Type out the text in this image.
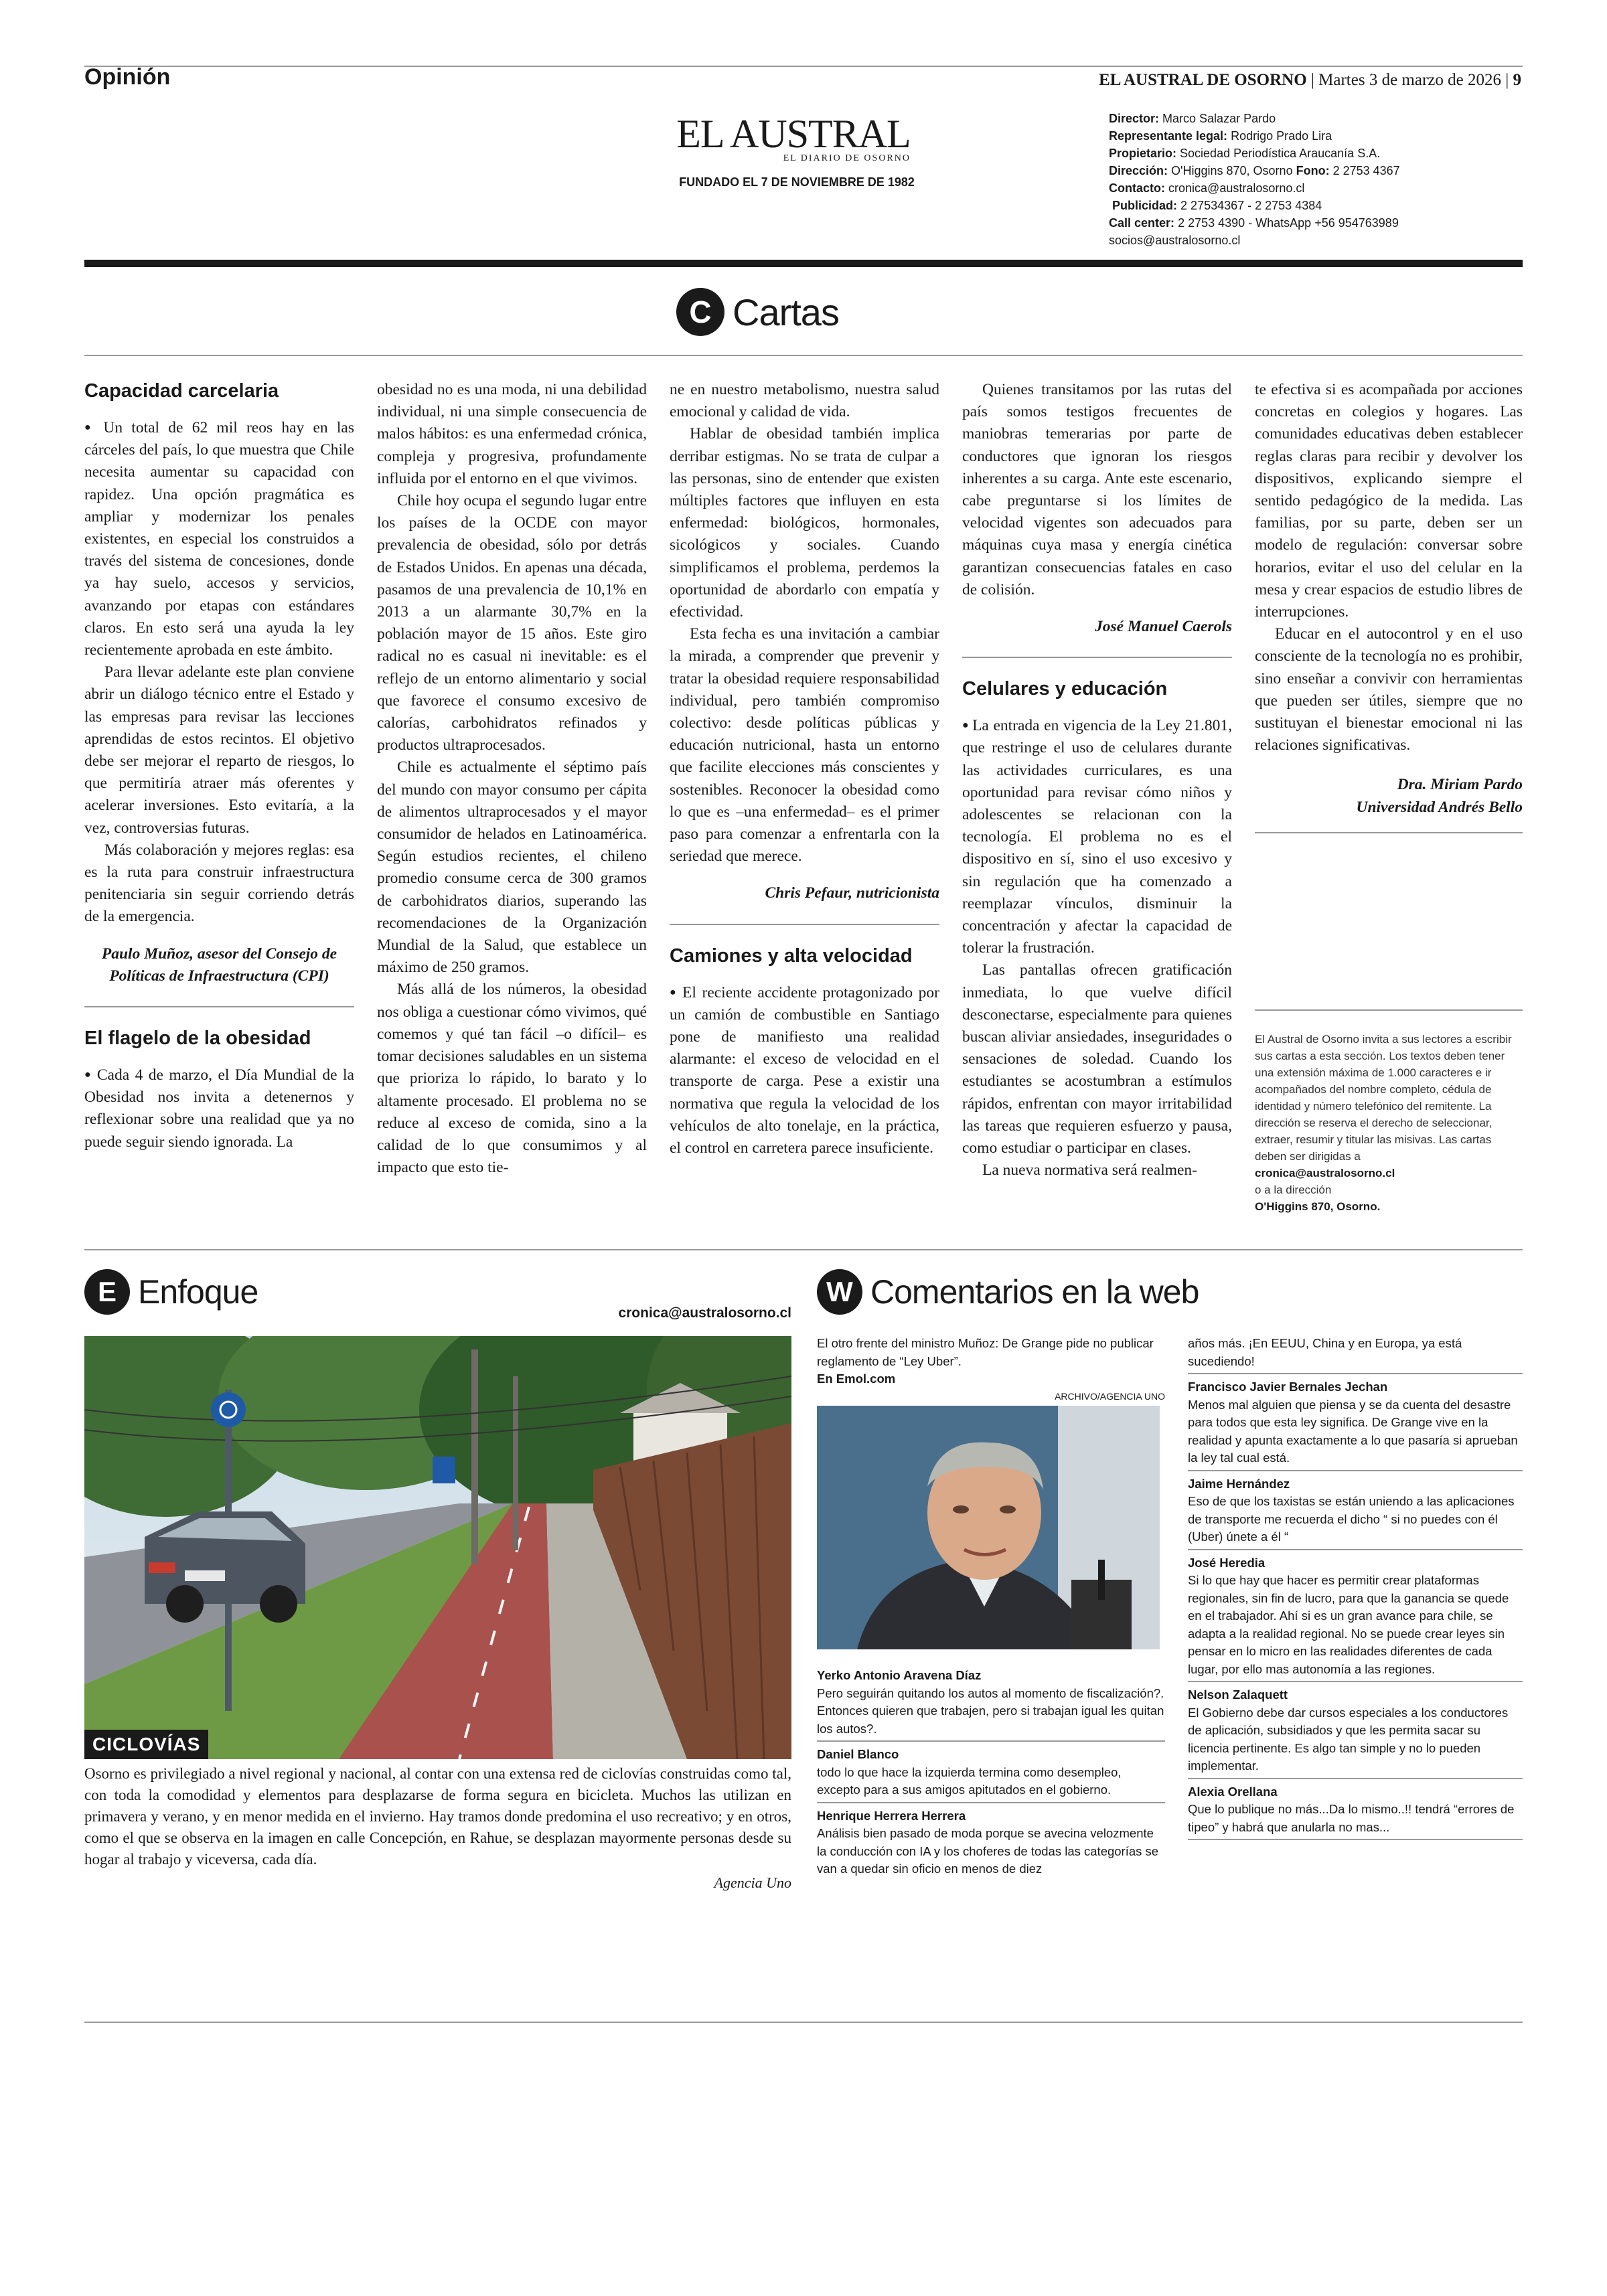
Opinión	EL AUSTRAL DE OSORNO | Martes 3 de marzo de 2026 | 9
EL AUSTRAL
EL DIARIO DE OSORNO
FUNDADO EL 7 DE NOVIEMBRE DE 1982
Director: Marco Salazar Pardo
Representante legal: Rodrigo Prado Lira
Propietario: Sociedad Periodística Araucanía S.A.
Dirección: O'Higgins 870, Osorno Fono: 2 2753 4367
Contacto: cronica@australosorno.cl
Publicidad: 2 27534367 - 2 2753 4384
Call center: 2 2753 4390 - WhatsApp +56 954763989
socios@australosorno.cl
C Cartas
Capacidad carcelaria

● Un total de 62 mil reos hay en las cárceles del país, lo que muestra que Chile necesita aumentar su capacidad con rapidez. Una opción pragmática es ampliar y modernizar los penales existentes, en especial los construidos a través del sistema de concesiones, donde ya hay suelo, accesos y servicios, avanzando por etapas con estándares claros. En esto será una ayuda la ley recientemente aprobada en este ámbito.

Para llevar adelante este plan conviene abrir un diálogo técnico entre el Estado y las empresas para revisar las lecciones aprendidas de estos recintos. El objetivo debe ser mejorar el reparto de riesgos, lo que permitiría atraer más oferentes y acelerar inversiones. Esto evitaría, a la vez, controversias futuras.

Más colaboración y mejores reglas: esa es la ruta para construir infraestructura penitenciaria sin seguir corriendo detrás de la emergencia.

Paulo Muñoz, asesor del Consejo de Políticas de Infraestructura (CPI)

El flagelo de la obesidad

● Cada 4 de marzo, el Día Mundial de la Obesidad nos invita a detenernos y reflexionar sobre una realidad que ya no puede seguir siendo ignorada. La

obesidad no es una moda, ni una debilidad individual, ni una simple consecuencia de malos hábitos: es una enfermedad crónica, compleja y progresiva, profundamente influida por el entorno en el que vivimos.

Chile hoy ocupa el segundo lugar entre los países de la OCDE con mayor prevalencia de obesidad, sólo por detrás de Estados Unidos. En apenas una década, pasamos de una prevalencia de 10,1% en 2013 a un alarmante 30,7% en la población mayor de 15 años. Este giro radical no es casual ni inevitable: es el reflejo de un entorno alimentario y social que favorece el consumo excesivo de calorías, carbohidratos refinados y productos ultraprocesados.

Chile es actualmente el séptimo país del mundo con mayor consumo per cápita de alimentos ultraprocesados y el mayor consumidor de helados en Latinoamérica. Según estudios recientes, el chileno promedio consume cerca de 300 gramos de carbohidratos diarios, superando las recomendaciones de la Organización Mundial de la Salud, que establece un máximo de 250 gramos.

Más allá de los números, la obesidad nos obliga a cuestionar cómo vivimos, qué comemos y qué tan fácil –o difícil– es tomar decisiones saludables en un sistema que prioriza lo rápido, lo barato y lo altamente procesado. El problema no se reduce al exceso de comida, sino a la calidad de lo que consumimos y al impacto que esto tie-

ne en nuestro metabolismo, nuestra salud emocional y calidad de vida.

Hablar de obesidad también implica derribar estigmas. No se trata de culpar a las personas, sino de entender que existen múltiples factores que influyen en esta enfermedad: biológicos, hormonales, sicológicos y sociales. Cuando simplificamos el problema, perdemos la oportunidad de abordarlo con empatía y efectividad.

Esta fecha es una invitación a cambiar la mirada, a comprender que prevenir y tratar la obesidad requiere responsabilidad individual, pero también compromiso colectivo: desde políticas públicas y educación nutricional, hasta un entorno que facilite elecciones más conscientes y sostenibles. Reconocer la obesidad como lo que es –una enfermedad– es el primer paso para comenzar a enfrentarla con la seriedad que merece.

Chris Pefaur, nutricionista

Camiones y alta velocidad

● El reciente accidente protagonizado por un camión de combustible en Santiago pone de manifiesto una realidad alarmante: el exceso de velocidad en el transporte de carga. Pese a existir una normativa que regula la velocidad de los vehículos de alto tonelaje, en la práctica, el control en carretera parece insuficiente.

Quienes transitamos por las rutas del país somos testigos frecuentes de maniobras temerarias por parte de conductores que ignoran los riesgos inherentes a su carga. Ante este escenario, cabe preguntarse si los límites de velocidad vigentes son adecuados para máquinas cuya masa y energía cinética garantizan consecuencias fatales en caso de colisión.

José Manuel Caerols

Celulares y educación

● La entrada en vigencia de la Ley 21.801, que restringe el uso de celulares durante las actividades curriculares, es una oportunidad para revisar cómo niños y adolescentes se relacionan con la tecnología. El problema no es el dispositivo en sí, sino el uso excesivo y sin regulación que ha comenzado a reemplazar vínculos, disminuir la concentración y afectar la capacidad de tolerar la frustración.

Las pantallas ofrecen gratificación inmediata, lo que vuelve difícil desconectarse, especialmente para quienes buscan aliviar ansiedades, inseguridades o sensaciones de soledad. Cuando los estudiantes se acostumbran a estímulos rápidos, enfrentan con mayor irritabilidad las tareas que requieren esfuerzo y pausa, como estudiar o participar en clases.

La nueva normativa será realmen-

te efectiva si es acompañada por acciones concretas en colegios y hogares. Las comunidades educativas deben establecer reglas claras para recibir y devolver los dispositivos, explicando siempre el sentido pedagógico de la medida. Las familias, por su parte, deben ser un modelo de regulación: conversar sobre horarios, evitar el uso del celular en la mesa y crear espacios de estudio libres de interrupciones.

Educar en el autocontrol y en el uso consciente de la tecnología no es prohibir, sino enseñar a convivir con herramientas que pueden ser útiles, siempre que no sustituyan el bienestar emocional ni las relaciones significativas.

Dra. Miriam Pardo

Universidad Andrés Bello

El Austral de Osorno invita a sus lectores a escribir sus cartas a esta sección. Los textos deben tener una extensión máxima de 1.000 caracteres e ir acompañados del nombre completo, cédula de identidad y número telefónico del remitente. La dirección se reserva el derecho de seleccionar, extraer, resumir y titular las misivas. Las cartas deben ser dirigidas a
cronica@australosorno.cl
o a la dirección
O'Higgins 870, Osorno.
E Enfoque
cronica@australosorno.cl
CICLOVÍAS
Osorno es privilegiado a nivel regional y nacional, al contar con una extensa red de ciclovías construidas como tal, con toda la comodidad y elementos para desplazarse de forma segura en bicicleta. Muchos las utilizan en primavera y verano, y en menor medida en el invierno. Hay tramos donde predomina el uso recreativo; y en otros, como el que se observa en la imagen en calle Concepción, en Rahue, se desplazan mayormente personas desde su hogar al trabajo y viceversa, cada día.
Agencia Uno
W Comentarios en la web
El otro frente del ministro Muñoz: De Grange pide no publicar reglamento de “Ley Uber”.
En Emol.com
ARCHIVO/AGENCIA UNO
Yerko Antonio Aravena Díaz
Pero seguirán quitando los autos al momento de fiscalización?. Entonces quieren que trabajen, pero si trabajan igual les quitan los autos?.
Daniel Blanco
todo lo que hace la izquierda termina como desempleo, excepto para a sus amigos apitutados en el gobierno.
Henrique Herrera Herrera
Análisis bien pasado de moda porque se avecina velozmente la conducción con IA y los choferes de todas las categorías se van a quedar sin oficio en menos de diez
años más. ¡En EEUU, China y en Europa, ya está sucediendo!
Francisco Javier Bernales Jechan
Menos mal alguien que piensa y se da cuenta del desastre para todos que esta ley significa. De Grange vive en la realidad y apunta exactamente a lo que pasaría si aprueban la ley tal cual está.
Jaime Hernández
Eso de que los taxistas se están uniendo a las aplicaciones de transporte me recuerda el dicho “ si no puedes con él (Uber) únete a él “
José Heredia
Si lo que hay que hacer es permitir crear plataformas regionales, sin fin de lucro, para que la ganancia se quede en el trabajador. Ahí si es un gran avance para chile, se adapta a la realidad regional. No se puede crear leyes sin pensar en lo micro en las realidades diferentes de cada lugar, por ello mas autonomía a las regiones.
Nelson Zalaquett
El Gobierno debe dar cursos especiales a los conductores de aplicación, subsidiados y que les permita sacar su licencia pertinente. Es algo tan simple y no lo pueden implementar.
Alexia Orellana
Que lo publique no más...Da lo mismo..!! tendrá “errores de tipeo” y habrá que anularla no mas...
